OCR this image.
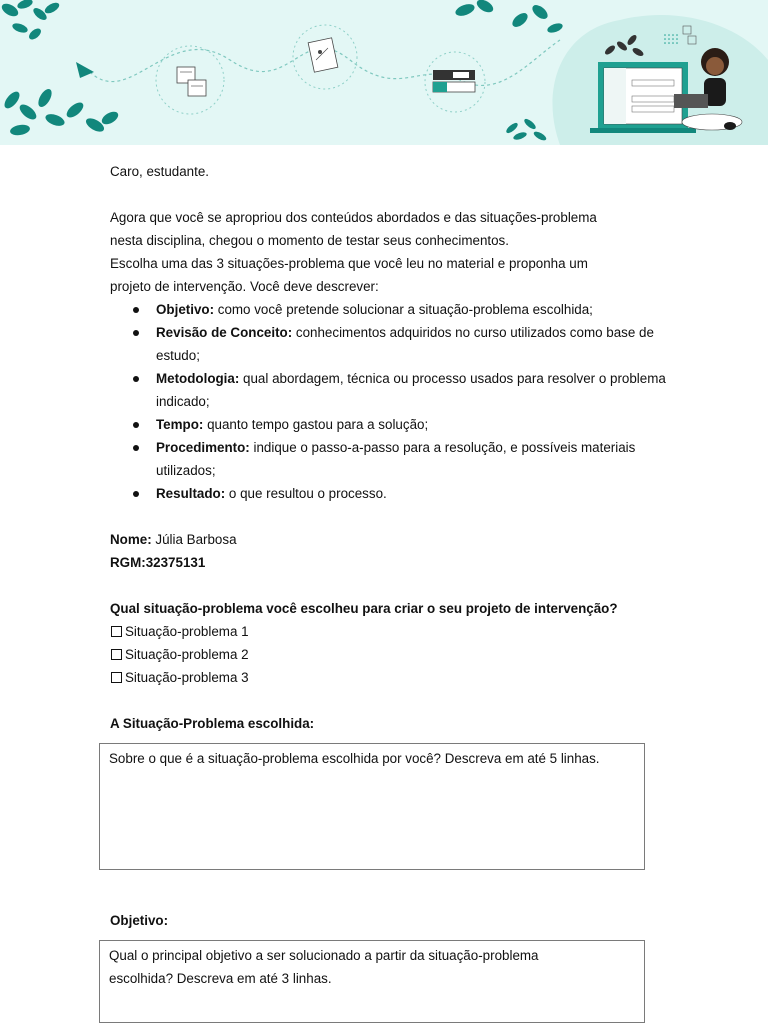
Caro, estudante.

Agora que você se apropriou dos conteúdos abordados e das situações-problema

nesta disciplina, chegou o momento de testar seus conhecimentos.

Escolha uma das 3 situações-problema que você leu no material e proponha um

projeto de intervenção. Você deve descrever:

Objetivo: como você pretende solucionar a situação-problema escolhida;
Revisão de Conceito: conhecimentos adquiridos no curso utilizados como base de estudo;
Metodologia: qual abordagem, técnica ou processo usados para resolver o problema indicado;
Tempo: quanto tempo gastou para a solução;
Procedimento: indique o passo-a-passo para a resolução, e possíveis materiais utilizados;
Resultado: o que resultou o processo.

Nome: Júlia Barbosa

RGM:32375131

Qual situação-problema você escolheu para criar o seu projeto de intervenção?

Situação-problema 1
Situação-problema 2
Situação-problema 3

A Situação-Problema escolhida:

Sobre o que é a situação-problema escolhida por você? Descreva em até 5 linhas.

Objetivo:

Qual o principal objetivo a ser solucionado a partir da situação-problema
escolhida? Descreva em até 3 linhas.
